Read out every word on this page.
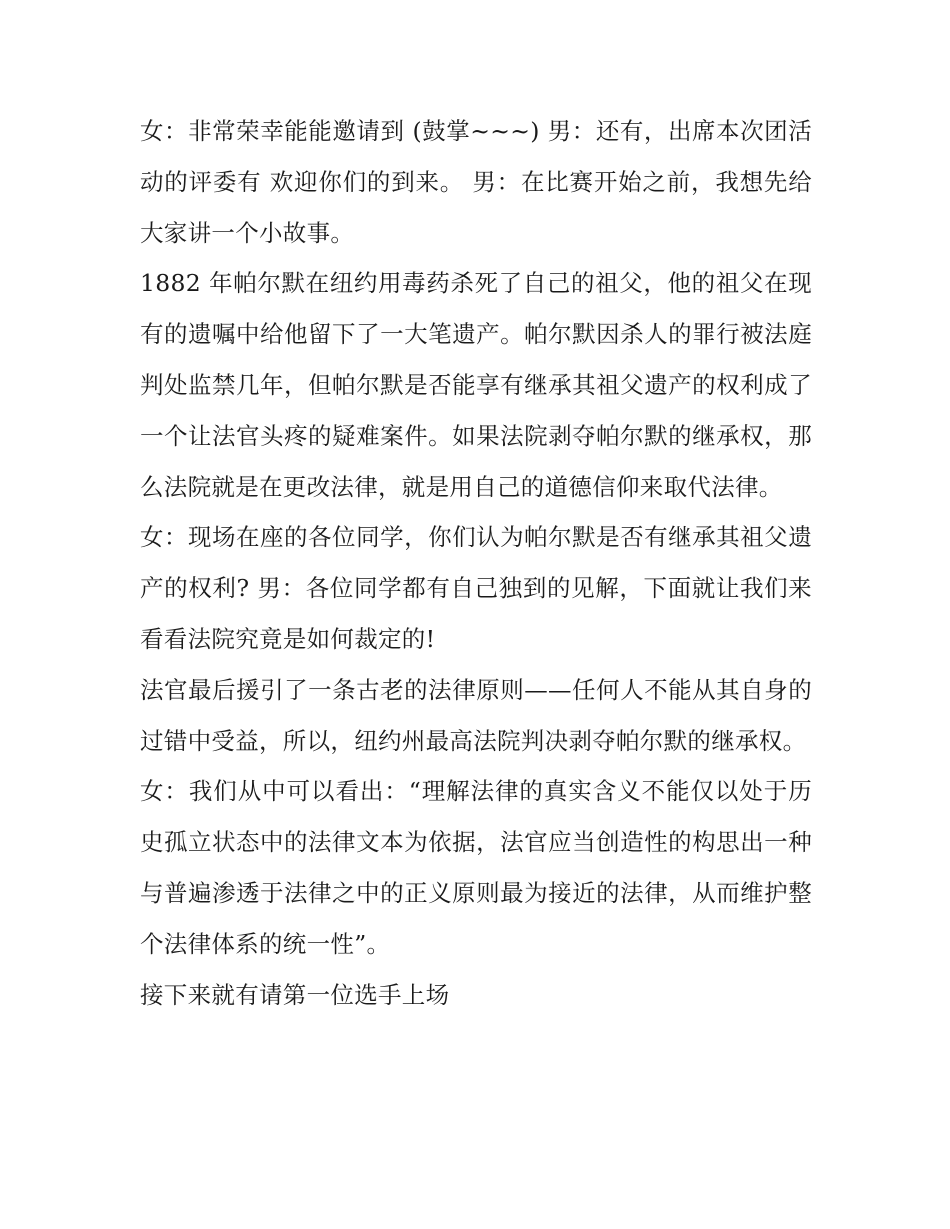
女：非常荣幸能能邀请到 (鼓掌~~~) 男：还有，出席本次团活动的评委有 欢迎你们的到来。 男：在比赛开始之前，我想先给大家讲一个小故事。

1882 年帕尔默在纽约用毒药杀死了自己的祖父，他的祖父在现有的遗嘱中给他留下了一大笔遗产。帕尔默因杀人的罪行被法庭判处监禁几年，但帕尔默是否能享有继承其祖父遗产的权利成了一个让法官头疼的疑难案件。如果法院剥夺帕尔默的继承权，那么法院就是在更改法律，就是用自己的道德信仰来取代法律。

女：现场在座的各位同学，你们认为帕尔默是否有继承其祖父遗产的权利? 男：各位同学都有自己独到的见解，下面就让我们来看看法院究竟是如何裁定的!

法官最后援引了一条古老的法律原则——任何人不能从其自身的过错中受益，所以，纽约州最高法院判决剥夺帕尔默的继承权。

女：我们从中可以看出：“理解法律的真实含义不能仅以处于历史孤立状态中的法律文本为依据，法官应当创造性的构思出一种与普遍渗透于法律之中的正义原则最为接近的法律，从而维护整个法律体系的统一性”。

接下来就有请第一位选手上场
